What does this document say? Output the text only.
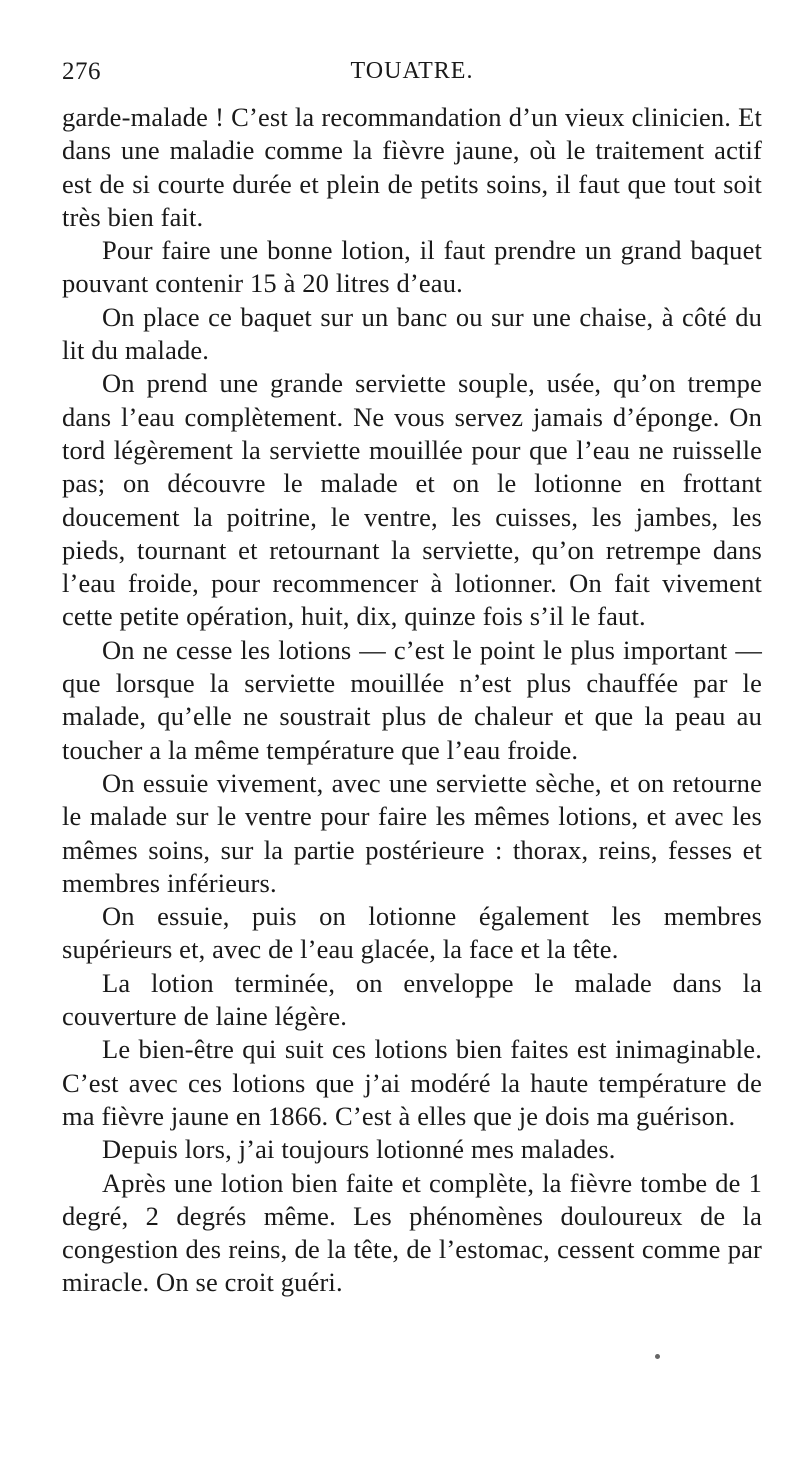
276	TOUATRE.

garde-malade ! C’est la recommandation d’un vieux clinicien. Et dans une maladie comme la fièvre jaune, où le traitement actif est de si courte durée et plein de petits soins, il faut que tout soit très bien fait.

Pour faire une bonne lotion, il faut prendre un grand baquet pouvant contenir 15 à 20 litres d’eau.

On place ce baquet sur un banc ou sur une chaise, à côté du lit du malade.

On prend une grande serviette souple, usée, qu’on trempe dans l’eau complètement. Ne vous servez jamais d’éponge. On tord légèrement la serviette mouillée pour que l’eau ne ruisselle pas; on découvre le malade et on le lotionne en frottant doucement la poitrine, le ventre, les cuisses, les jambes, les pieds, tournant et retournant la serviette, qu’on retrempe dans l’eau froide, pour recommencer à lotionner. On fait vivement cette petite opération, huit, dix, quinze fois s’il le faut.

On ne cesse les lotions — c’est le point le plus important — que lorsque la serviette mouillée n’est plus chauffée par le malade, qu’elle ne soustrait plus de chaleur et que la peau au toucher a la même température que l’eau froide.

On essuie vivement, avec une serviette sèche, et on retourne le malade sur le ventre pour faire les mêmes lotions, et avec les mêmes soins, sur la partie postérieure : thorax, reins, fesses et membres inférieurs.

On essuie, puis on lotionne également les membres supérieurs et, avec de l’eau glacée, la face et la tête.

La lotion terminée, on enveloppe le malade dans la couverture de laine légère.

Le bien-être qui suit ces lotions bien faites est inimaginable. C’est avec ces lotions que j’ai modéré la haute température de ma fièvre jaune en 1866. C’est à elles que je dois ma guérison.

Depuis lors, j’ai toujours lotionné mes malades.

Après une lotion bien faite et complète, la fièvre tombe de 1 degré, 2 degrés même. Les phénomènes douloureux de la congestion des reins, de la tête, de l’estomac, cessent comme par miracle. On se croit guéri.
